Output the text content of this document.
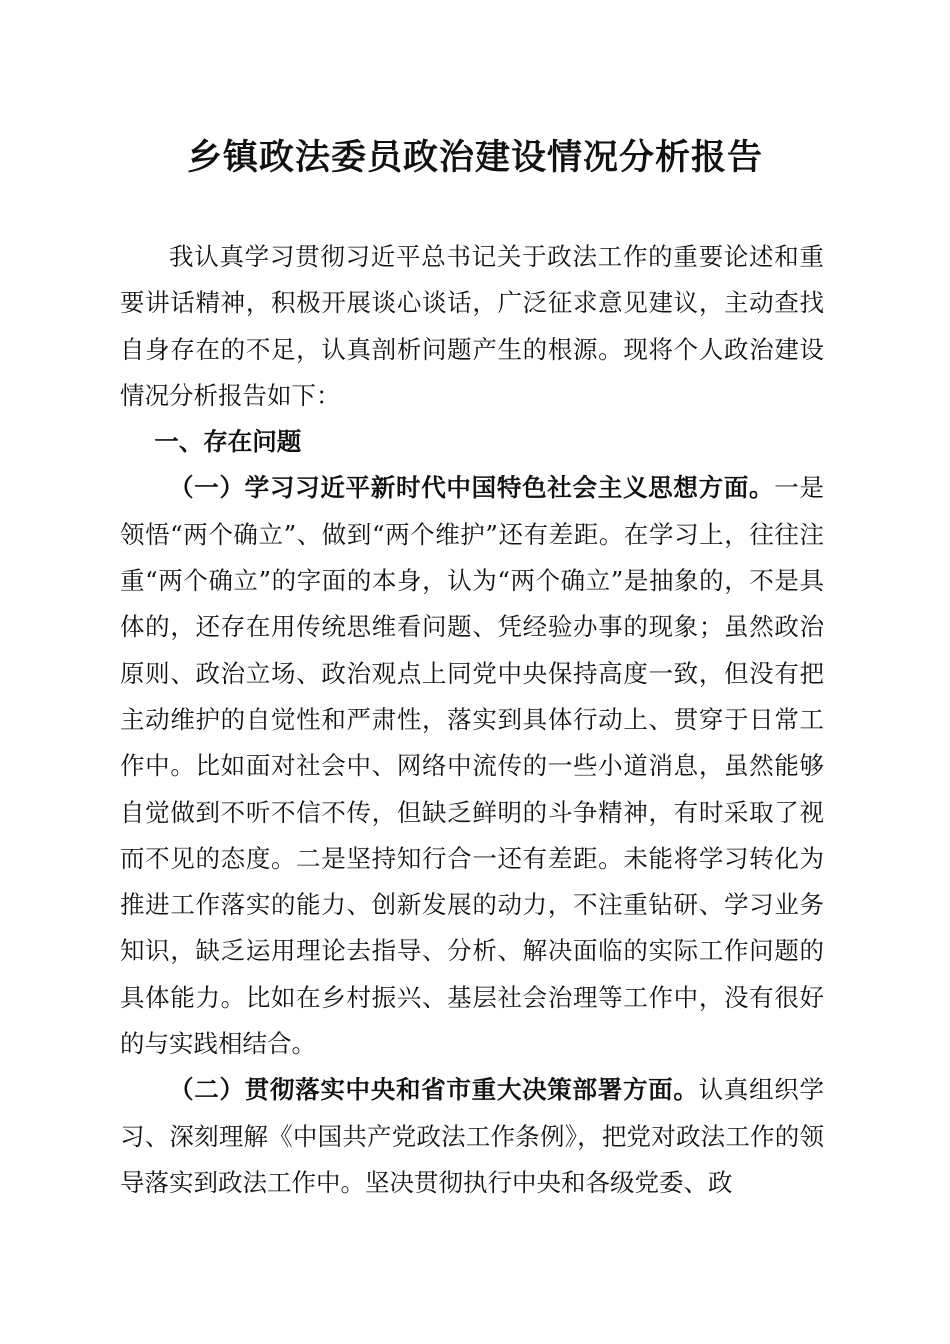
乡镇政法委员政治建设情况分析报告

我认真学习贯彻习近平总书记关于政法工作的重要论述和重要讲话精神，积极开展谈心谈话，广泛征求意见建议，主动查找自身存在的不足，认真剖析问题产生的根源。现将个人政治建设情况分析报告如下：

一、存在问题

（一）学习习近平新时代中国特色社会主义思想方面。一是领悟“两个确立”、做到“两个维护”还有差距。在学习上，往往注重“两个确立”的字面的本身，认为“两个确立”是抽象的，不是具体的，还存在用传统思维看问题、凭经验办事的现象；虽然政治原则、政治立场、政治观点上同党中央保持高度一致，但没有把主动维护的自觉性和严肃性，落实到具体行动上、贯穿于日常工作中。比如面对社会中、网络中流传的一些小道消息，虽然能够自觉做到不听不信不传，但缺乏鲜明的斗争精神，有时采取了视而不见的态度。二是坚持知行合一还有差距。未能将学习转化为推进工作落实的能力、创新发展的动力，不注重钻研、学习业务知识，缺乏运用理论去指导、分析、解决面临的实际工作问题的具体能力。比如在乡村振兴、基层社会治理等工作中，没有很好的与实践相结合。

（二）贯彻落实中央和省市重大决策部署方面。认真组织学习、深刻理解《中国共产党政法工作条例》，把党对政法工作的领导落实到政法工作中。坚决贯彻执行中央和各级党委、政
